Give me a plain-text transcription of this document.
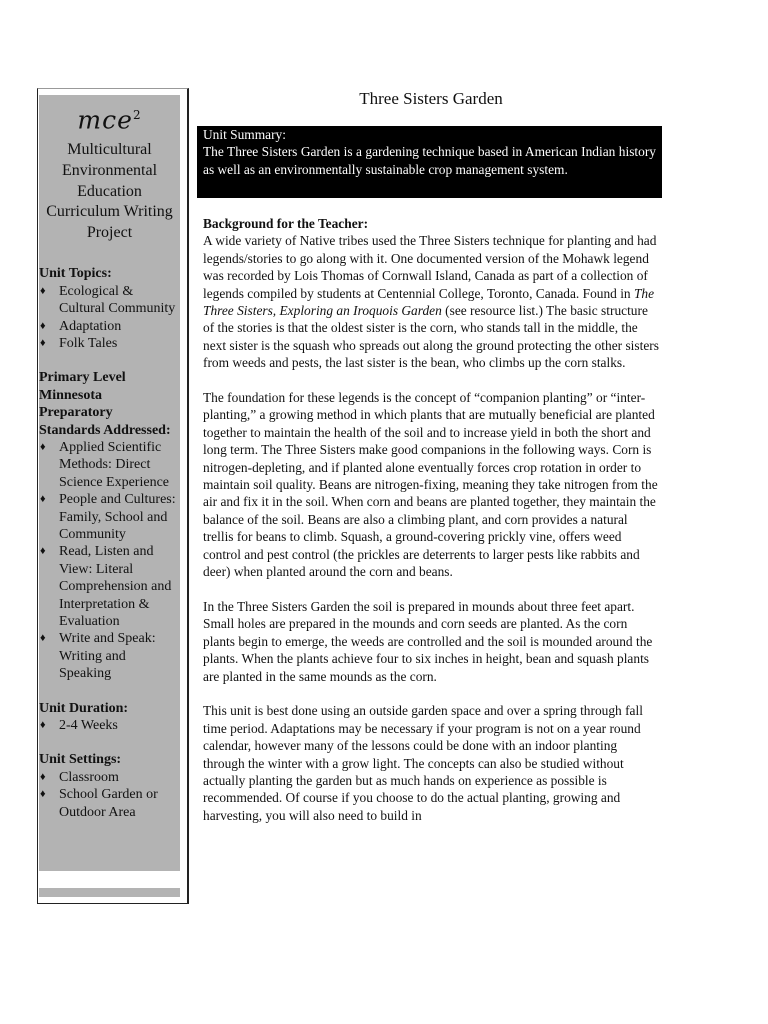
mce$^2$
Multicultural
Environmental
Education
Curriculum Writing
Project
Unit Topics:
♦ Ecological & Cultural Community
♦ Adaptation
♦ Folk Tales
Primary Level
Minnesota
Preparatory
Standards Addressed:
♦ Applied Scientific Methods: Direct Science Experience
♦ People and Cultures: Family, School and Community
♦ Read, Listen and View: Literal Comprehension and Interpretation & Evaluation
♦ Write and Speak: Writing and Speaking
Unit Duration:
♦ 2-4 Weeks
Unit Settings:
♦ Classroom
♦ School Garden or Outdoor Area
Three Sisters Garden
Unit Summary:
The Three Sisters Garden is a gardening technique based in American Indian history as well as an environmentally sustainable crop management system.
Background for the Teacher:

A wide variety of Native tribes used the Three Sisters technique for planting and had legends/stories to go along with it. One documented version of the Mohawk legend was recorded by Lois Thomas of Cornwall Island, Canada as part of a collection of legends compiled by students at Centennial College, Toronto, Canada. Found in The Three Sisters, Exploring an Iroquois Garden (see resource list.) The basic structure of the stories is that the oldest sister is the corn, who stands tall in the middle, the next sister is the squash who spreads out along the ground protecting the other sisters from weeds and pests, the last sister is the bean, who climbs up the corn stalks.

The foundation for these legends is the concept of “companion planting” or “inter-planting,” a growing method in which plants that are mutually beneficial are planted together to maintain the health of the soil and to increase yield in both the short and long term. The Three Sisters make good companions in the following ways. Corn is nitrogen-depleting, and if planted alone eventually forces crop rotation in order to maintain soil quality. Beans are nitrogen-fixing, meaning they take nitrogen from the air and fix it in the soil. When corn and beans are planted together, they maintain the balance of the soil. Beans are also a climbing plant, and corn provides a natural trellis for beans to climb. Squash, a ground-covering prickly vine, offers weed control and pest control (the prickles are deterrents to larger pests like rabbits and deer) when planted around the corn and beans.

In the Three Sisters Garden the soil is prepared in mounds about three feet apart. Small holes are prepared in the mounds and corn seeds are planted. As the corn plants begin to emerge, the weeds are controlled and the soil is mounded around the plants. When the plants achieve four to six inches in height, bean and squash plants are planted in the same mounds as the corn.

This unit is best done using an outside garden space and over a spring through fall time period. Adaptations may be necessary if your program is not on a year round calendar, however many of the lessons could be done with an indoor planting through the winter with a grow light. The concepts can also be studied without actually planting the garden but as much hands on experience as possible is recommended. Of course if you choose to do the actual planting, growing and harvesting, you will also need to build in
